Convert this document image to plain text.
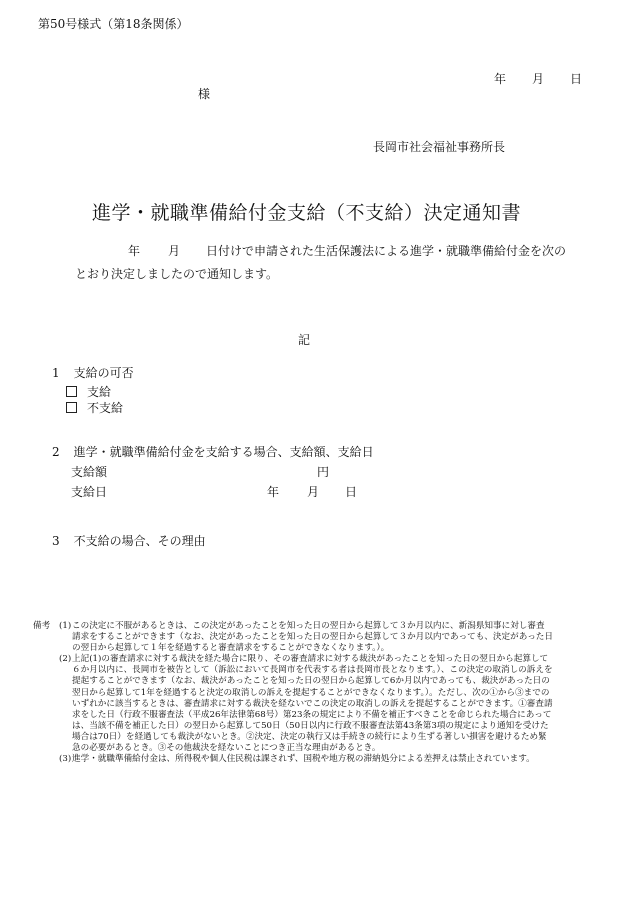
第50号様式（第18条関係）
年 月 日
様
長岡市社会福祉事務所長
進学・就職準備給付金支給（不支給）決定通知書
年 月 日付けで申請された生活保護法による進学・就職準備給付金を次の
とおり決定しましたので通知します。
記
1 支給の可否
支給
不支給
2 進学・就職準備給付金を支給する場合、支給額、支給日
支給額	円
支給日	年 月 日
3 不支給の場合、その理由
備考	(1) この決定に不服があるときは、この決定があったことを知った日の翌日から起算して３か月以内に、新潟県知事に対し審査請求をすることができます（なお、決定があったことを知った日の翌日から起算して３か月以内であっても、決定があった日の翌日から起算して１年を経過すると審査請求をすることができなくなります。）。
(2) 上記(1)の審査請求に対する裁決を経た場合に限り、その審査請求に対する裁決があったことを知った日の翌日から起算して６か月以内に、長岡市を被告として（訴訟において長岡市を代表する者は長岡市長となります。）、この決定の取消しの訴えを提起することができます（なお、裁決があったことを知った日の翌日から起算して6か月以内であっても、裁決があった日の翌日から起算して1年を経過すると決定の取消しの訴えを提起することができなくなります。）。ただし、次の①から③までのいずれかに該当するときは、審査請求に対する裁決を経ないでこの決定の取消しの訴えを提起することができます。①審査請求をした日（行政不服審査法（平成26年法律第68号）第23条の規定により不備を補正すべきことを命じられた場合にあっては、当該不備を補正した日）の翌日から起算して50日（50日以内に行政不服審査法第43条第3項の規定により通知を受けた場合は70日）を経過しても裁決がないとき。②決定、決定の執行又は手続きの続行により生ずる著しい損害を避けるため緊急の必要があるとき。③その他裁決を経ないことにつき正当な理由があるとき。
(3) 進学・就職準備給付金は、所得税や個人住民税は課されず、国税や地方税の滞納処分による差押えは禁止されています。
